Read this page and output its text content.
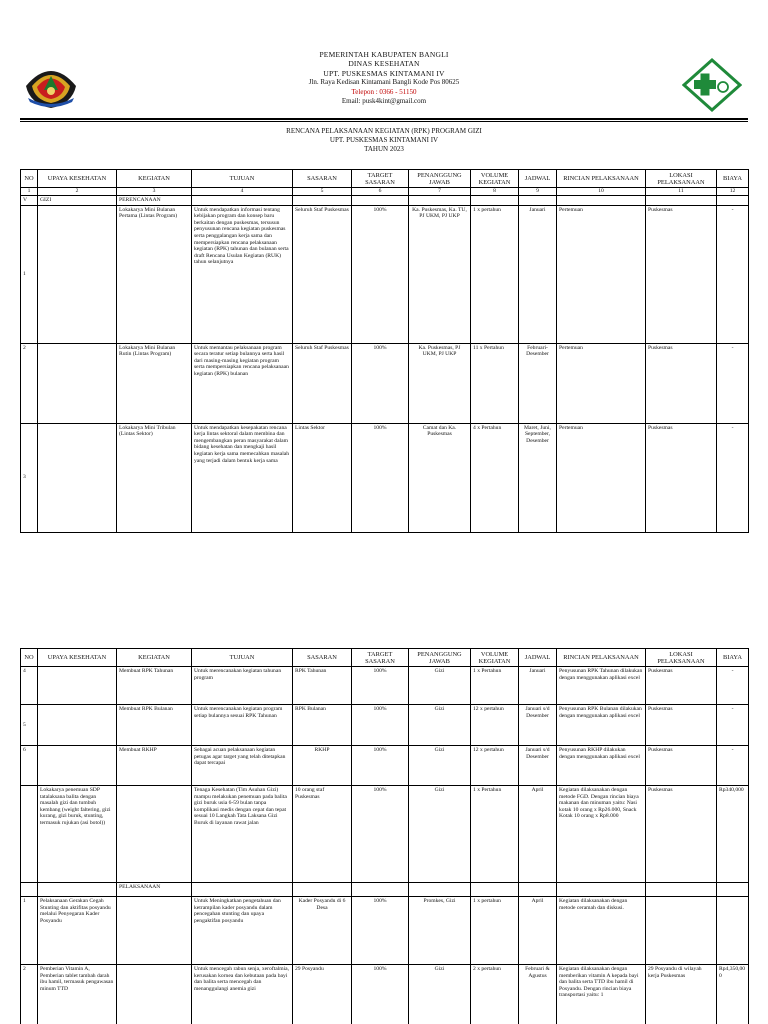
PEMERINTAH KABUPATEN BANGLI
DINAS KESEHATAN
UPT. PUSKESMAS KINTAMANI IV
Jln. Raya Kedisan Kintamani Bangli Kode Pos 80625
Telepon : 0366 - 51150
Email: pusk4kint@gmail.com
RENCANA PELAKSANAAN KEGIATAN (RPK) PROGRAM GIZI
UPT. PUSKESMAS KINTAMANI IV
TAHUN 2023
NO	UPAYA KESEHATAN	KEGIATAN	TUJUAN	SASARAN	TARGET SASARAN	PENANGGUNG JAWAB	VOLUME KEGIATAN	JADWAL	RINCIAN PELAKSANAAN	LOKASI PELAKSANAAN	BIAYA
1	2	3	4	5	6	7	8	9	10	11	12
V	GIZI	PERENCANAAN									
1		Lokakarya Mini Bulanan Pertama (Lintas Program)	Untuk mendapatkan informasi tentang kebijakan program dan konsep baru berkaitan dengan puskesmas, tersusun penyusunan rencana kegiatan puskesmas serta penggalangan kerja sama dan mempersiapkan rencana pelaksanaan kegiatan (RPK) tahunan dan bulanan serta draft Rencana Usulan Kegiatan (RUK) tahun selanjutnya	Seluruh Staf Puskesmas	100%	Ka. Puskesmas, Ka. TU, PJ UKM, PJ UKP	1 x pertahun	Januari	Pertemuan	Puskesmas	-
2		Lokakarya Mini Bulanan Rutin (Lintas Program)	Untuk memantau pelaksanaan program secara teratur setiap bulannya serta hasil dari masing-masing kegiatan program serta mempersiapkan rencana pelaksanaan kegiatan (RPK) bulanan	Seluruh Staf Puskesmas	100%	Ka. Puskesmas, PJ UKM, PJ UKP	11 x Pertahun	Februari-Desember	Pertemuan	Puskesmas	-
3		Lokakarya Mini Tribulan (Lintas Sektor)	Untuk mendapatkan kesepakatan rencana kerja lintas sektoral dalam membina dan mengembangkan peran masyarakat dalam bidang kesehatan dan mengkaji hasil kegiatan kerja sama memecahkan masalah yang terjadi dalam bentuk kerja sama	Lintas Sektor	100%	Camat dan Ka. Puskesmas	4 x Pertahun	Maret, Juni, September, Desember	Pertemuan	Puskesmas	-
NO	UPAYA KESEHATAN	KEGIATAN	TUJUAN	SASARAN	TARGET SASARAN	PENANGGUNG JAWAB	VOLUME KEGIATAN	JADWAL	RINCIAN PELAKSANAAN	LOKASI PELAKSANAAN	BIAYA
4		Membuat RPK Tahunan	Untuk merencanakan kegiatan tahunan program	RPK Tahunan	100%	Gizi	1 x Pertahun	Januari	Penyusunan RPK Tahunan dilakukan dengan menggunakan aplikasi excel	Puskesmas	-
5		Membuat RPK Bulanan	Untuk merencanakan kegiatan program setiap bulannya sesuai RPK Tahunan	RPK Bulanan	100%	Gizi	12 x pertahun	Januari s/d Desember	Penyusunan RPK Bulanan dilakukan dengan menggunakan aplikasi excel	Puskesmas	-
6		Membuat RKHP	Sebagai acuan pelaksanaan kegiatan petugas agar target yang telah ditetapkan dapat tercapai	RKHP	100%	Gizi	12 x pertahun	Januari s/d Desember	Penyusunan RKHP dilakukan dengan menggunakan aplikasi excel	Puskesmas	-
	Lokakarya penemuan SDP tatalaksana balita dengan masalah gizi dan tumbuh kembang (weight faltering, gizi kurang, gizi buruk, stunting, termasuk rujukan (asi botol))		Tenaga Kesehatan (Tim Asuhan Gizi) mampu melakukan penemuan pada balita gizi buruk usia 6-59 bulan tanpa komplikasi medis dengan cepat dan tepat sesuai 10 Langkah Tata Laksana Gizi Buruk di layanan rawat jalan	10 orang staf Puskesmas	100%	Gizi	1 x Pertahun	April	Kegiatan dilaksanakan dengan metode FGD. Dengan rincian biaya makanan dan minuman yaitu: Nasi kotak 10 orang x Rp26.000, Snack Kotak 10 orang x Rp8.000	Puskesmas	Rp340,000
		PELAKSANAAN									
1	Pelaksanaan Gerakan Cegah Stunting dan aktifitas posyandu melalui Penyegaran Kader Posyandu		Untuk Meningkatkan pengetahuan dan ketrampilan kader posyandu dalam pencegahan stunting dan upaya pengaktifan posyandu	Kader Posyandu di 6 Desa	100%	Promkes, Gizi	1 x pertahun	April	Kegiatan dilaksanakan dengan metode ceramah dan diskusi.		
2	Pemberian Vitamin A, Pemberian tablet tambah darah ibu hamil, termasuk pengawasan minum TTD		Untuk mencegah rabun senja, xeroftalmia, kerusakan kornea dan kebutaan pada bayi dan balita serta mencegah dan menanggulangi anemia gizi	29 Posyandu	100%	Gizi	2 x pertahun	Februari & Agustus	Kegiatan dilaksanakan dengan memberikan vitamin A kepada bayi dan balita serta TTD ibu hamil di Posyandu. Dengan rincian biaya transportasi yaitu: 1	29 Posyandu di wilayah kerja Puskesmas	Rp4,350,000
